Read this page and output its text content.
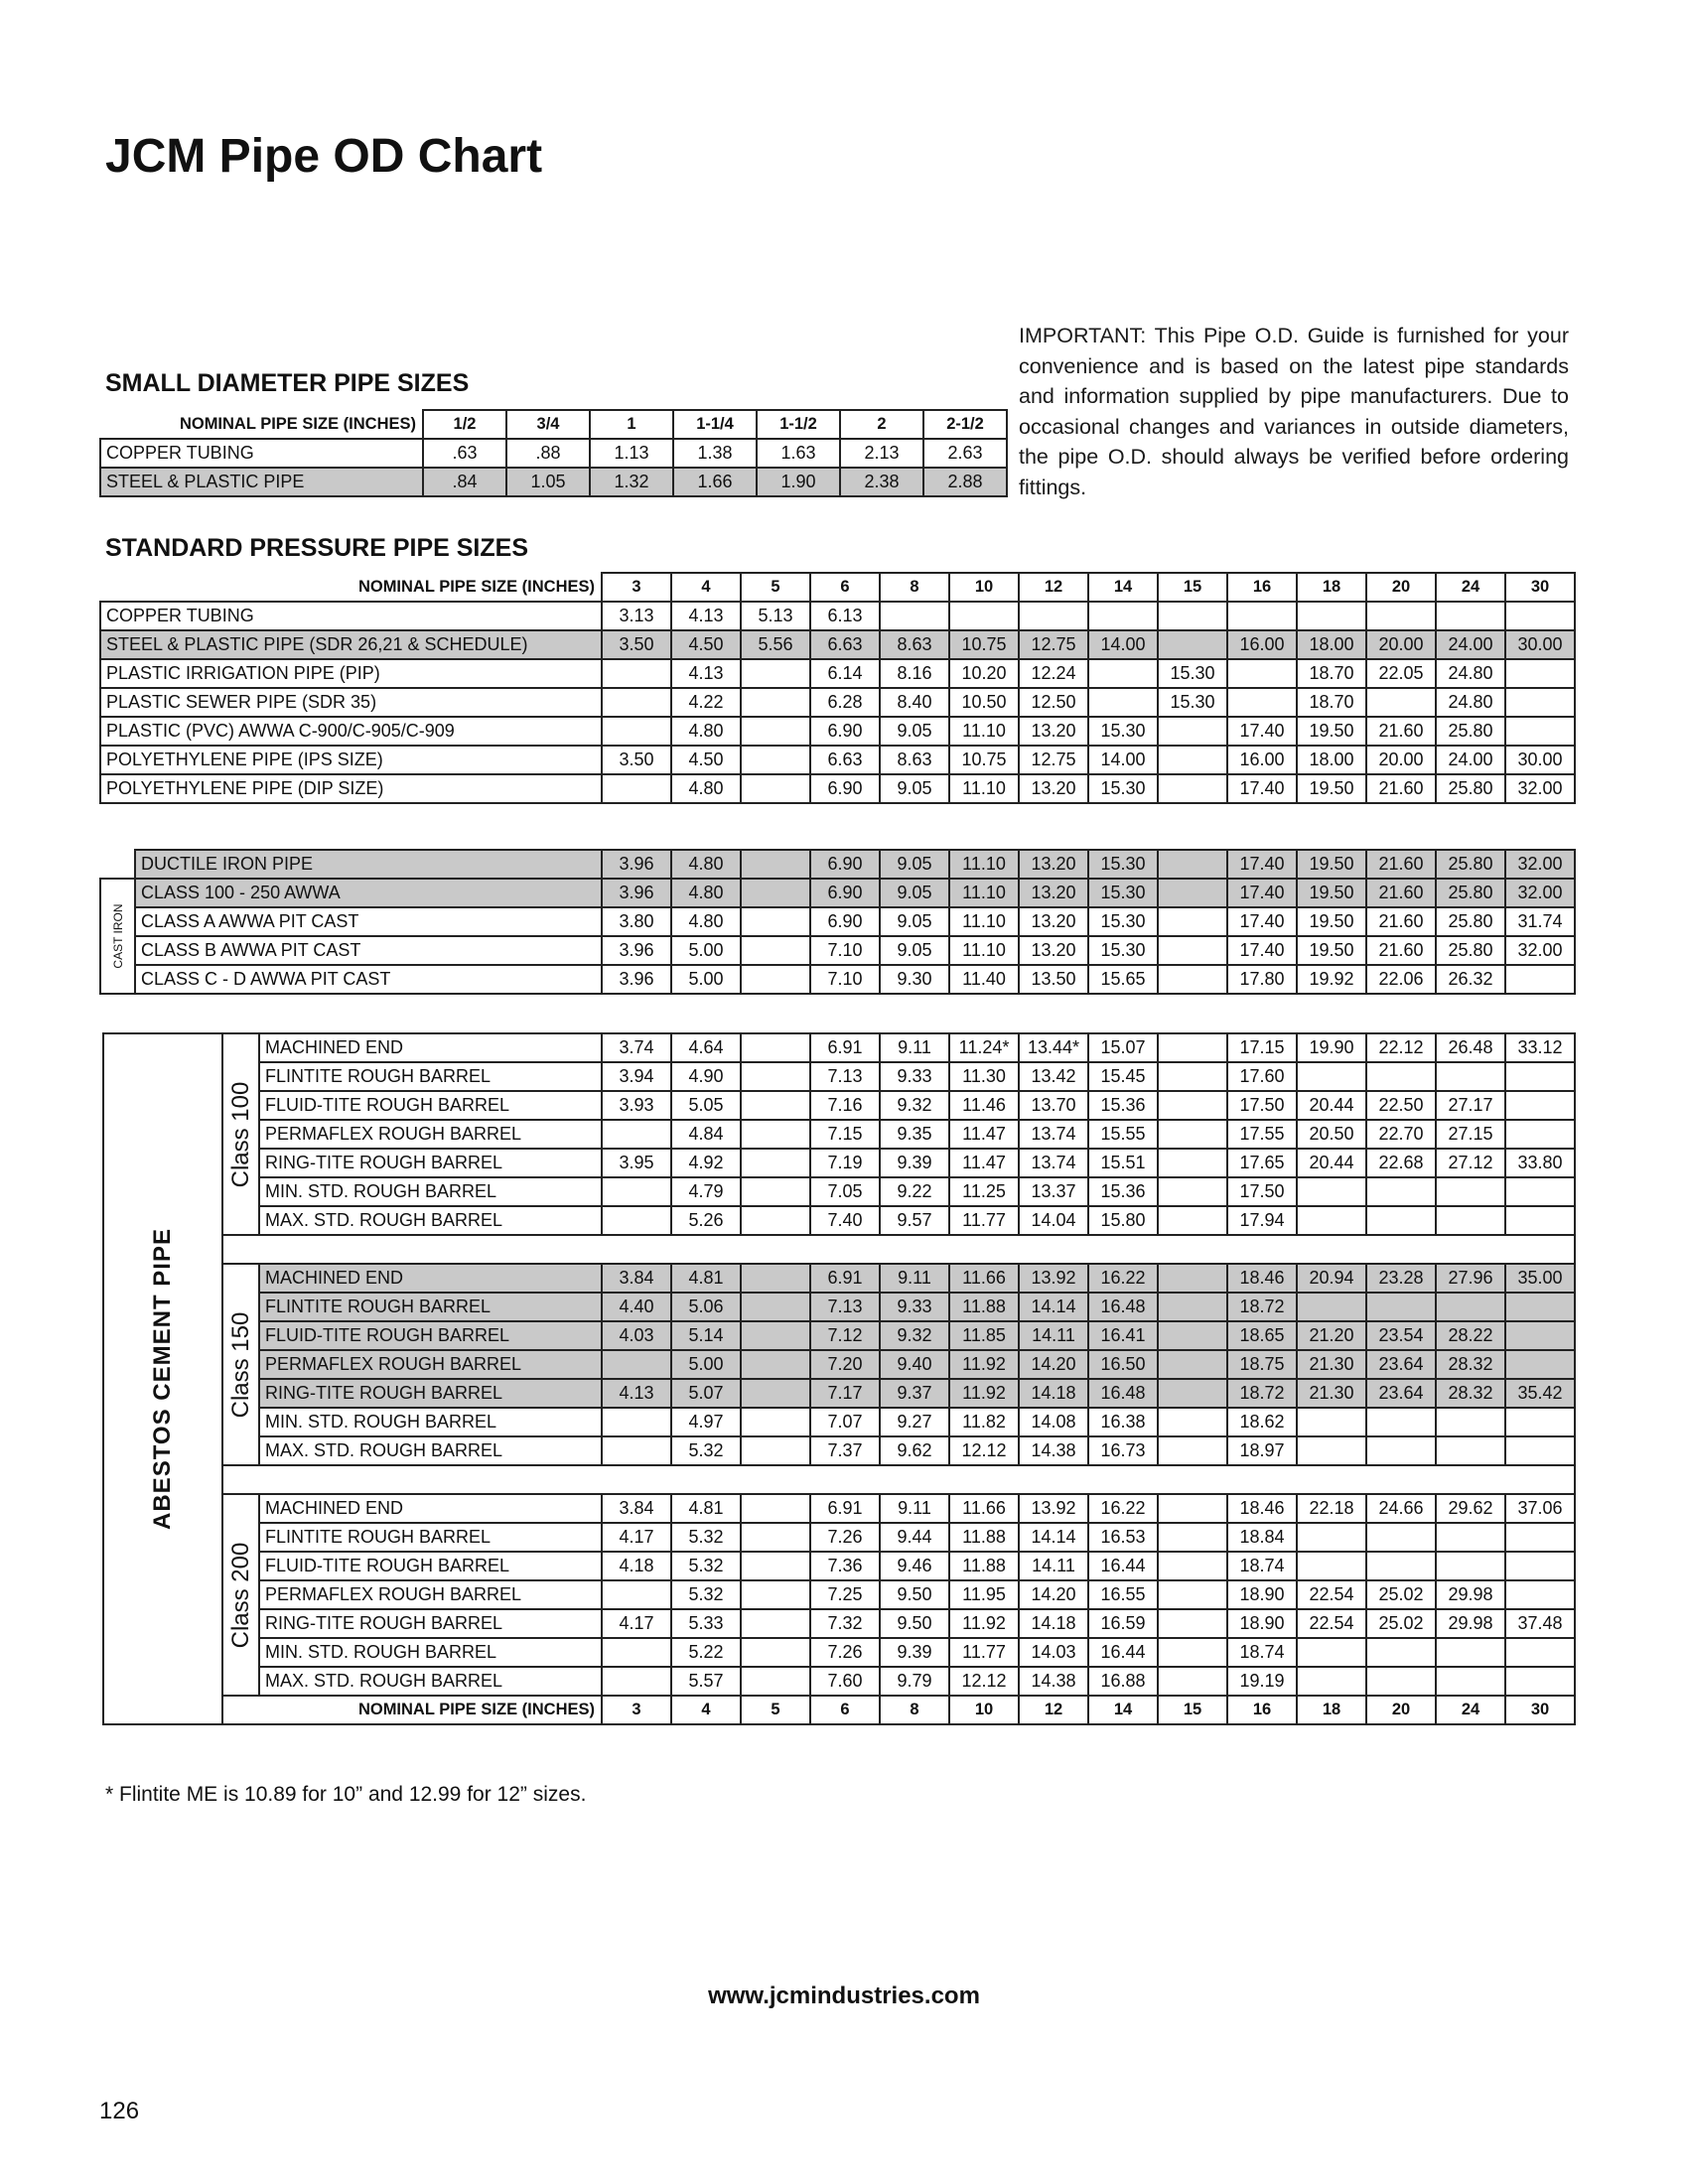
JCM Pipe OD Chart

IMPORTANT: This Pipe O.D. Guide is furnished for your convenience and is based on the latest pipe standards and information supplied by pipe manufacturers. Due to occasional changes and variances in outside diameters, the pipe O.D. should always be verified before ordering fittings.

SMALL DIAMETER PIPE SIZES
NOMINAL PIPE SIZE (INCHES)	1/2	3/4	1	1-1/4	1-1/2	2	2-1/2
COPPER TUBING	.63	.88	1.13	1.38	1.63	2.13	2.63
STEEL & PLASTIC PIPE	.84	1.05	1.32	1.66	1.90	2.38	2.88
STANDARD PRESSURE PIPE SIZES
NOMINAL PIPE SIZE (INCHES)	3	4	5	6	8	10	12	14	15	16	18	20	24	30
COPPER TUBING	3.13	4.13	5.13	6.13										
STEEL & PLASTIC PIPE (SDR 26,21 & SCHEDULE)	3.50	4.50	5.56	6.63	8.63	10.75	12.75	14.00		16.00	18.00	20.00	24.00	30.00
PLASTIC IRRIGATION PIPE (PIP)		4.13		6.14	8.16	10.20	12.24		15.30		18.70	22.05	24.80	
PLASTIC SEWER PIPE (SDR 35)		4.22		6.28	8.40	10.50	12.50		15.30		18.70		24.80	
PLASTIC (PVC) AWWA C-900/C-905/C-909		4.80		6.90	9.05	11.10	13.20	15.30		17.40	19.50	21.60	25.80	
POLYETHYLENE PIPE (IPS SIZE)	3.50	4.50		6.63	8.63	10.75	12.75	14.00		16.00	18.00	20.00	24.00	30.00
POLYETHYLENE PIPE (DIP SIZE)		4.80		6.90	9.05	11.10	13.20	15.30		17.40	19.50	21.60	25.80	32.00
	DUCTILE IRON PIPE	3.96	4.80		6.90	9.05	11.10	13.20	15.30		17.40	19.50	21.60	25.80	32.00

CAST IRON	CLASS 100 - 250 AWWA	3.96	4.80		6.90	9.05	11.10	13.20	15.30		17.40	19.50	21.60	25.80	32.00
	CLASS A AWWA PIT CAST	3.80	4.80		6.90	9.05	11.10	13.20	15.30		17.40	19.50	21.60	25.80	31.74
	CLASS B AWWA PIT CAST	3.96	5.00		7.10	9.05	11.10	13.20	15.30		17.40	19.50	21.60	25.80	32.00
	CLASS C - D AWWA PIT CAST	3.96	5.00		7.10	9.30	11.40	13.50	15.65		17.80	19.92	22.06	26.32	
ABESTOS CEMENT PIPE	Class 100	MACHINED END	3.74	4.64		6.91	9.11	11.24*	13.44*	15.07		17.15	19.90	22.12	26.48	33.12
		FLINTITE ROUGH BARREL	3.94	4.90		7.13	9.33	11.30	13.42	15.45		17.60				
		FLUID-TITE ROUGH BARREL	3.93	5.05		7.16	9.32	11.46	13.70	15.36		17.50	20.44	22.50	27.17	
		PERMAFLEX ROUGH BARREL		4.84		7.15	9.35	11.47	13.74	15.55		17.55	20.50	22.70	27.15	
		RING-TITE ROUGH BARREL	3.95	4.92		7.19	9.39	11.47	13.74	15.51		17.65	20.44	22.68	27.12	33.80
		MIN. STD. ROUGH BARREL		4.79		7.05	9.22	11.25	13.37	15.36		17.50				
		MAX. STD. ROUGH BARREL		5.26		7.40	9.57	11.77	14.04	15.80		17.94				

	Class 150	MACHINED END	3.84	4.81		6.91	9.11	11.66	13.92	16.22		18.46	20.94	23.28	27.96	35.00
		FLINTITE ROUGH BARREL	4.40	5.06		7.13	9.33	11.88	14.14	16.48		18.72				
		FLUID-TITE ROUGH BARREL	4.03	5.14		7.12	9.32	11.85	14.11	16.41		18.65	21.20	23.54	28.22	
		PERMAFLEX ROUGH BARREL		5.00		7.20	9.40	11.92	14.20	16.50		18.75	21.30	23.64	28.32	
		RING-TITE ROUGH BARREL	4.13	5.07		7.17	9.37	11.92	14.18	16.48		18.72	21.30	23.64	28.32	35.42
		MIN. STD. ROUGH BARREL		4.97		7.07	9.27	11.82	14.08	16.38		18.62				
		MAX. STD. ROUGH BARREL		5.32		7.37	9.62	12.12	14.38	16.73		18.97				

	Class 200	MACHINED END	3.84	4.81		6.91	9.11	11.66	13.92	16.22		18.46	22.18	24.66	29.62	37.06
		FLINTITE ROUGH BARREL	4.17	5.32		7.26	9.44	11.88	14.14	16.53		18.84				
		FLUID-TITE ROUGH BARREL	4.18	5.32		7.36	9.46	11.88	14.11	16.44		18.74				
		PERMAFLEX ROUGH BARREL		5.32		7.25	9.50	11.95	14.20	16.55		18.90	22.54	25.02	29.98	
		RING-TITE ROUGH BARREL	4.17	5.33		7.32	9.50	11.92	14.18	16.59		18.90	22.54	25.02	29.98	37.48
		MIN. STD. ROUGH BARREL		5.22		7.26	9.39	11.77	14.03	16.44		18.74				
		MAX. STD. ROUGH BARREL		5.57		7.60	9.79	12.12	14.38	16.88		19.19				
	NOMINAL PIPE SIZE (INCHES)		3	4	5	6	8	10	12	14	15	16	18	20	24	30

* Flintite ME is 10.89 for 10” and 12.99 for 12” sizes.

www.jcmindustries.com

126
